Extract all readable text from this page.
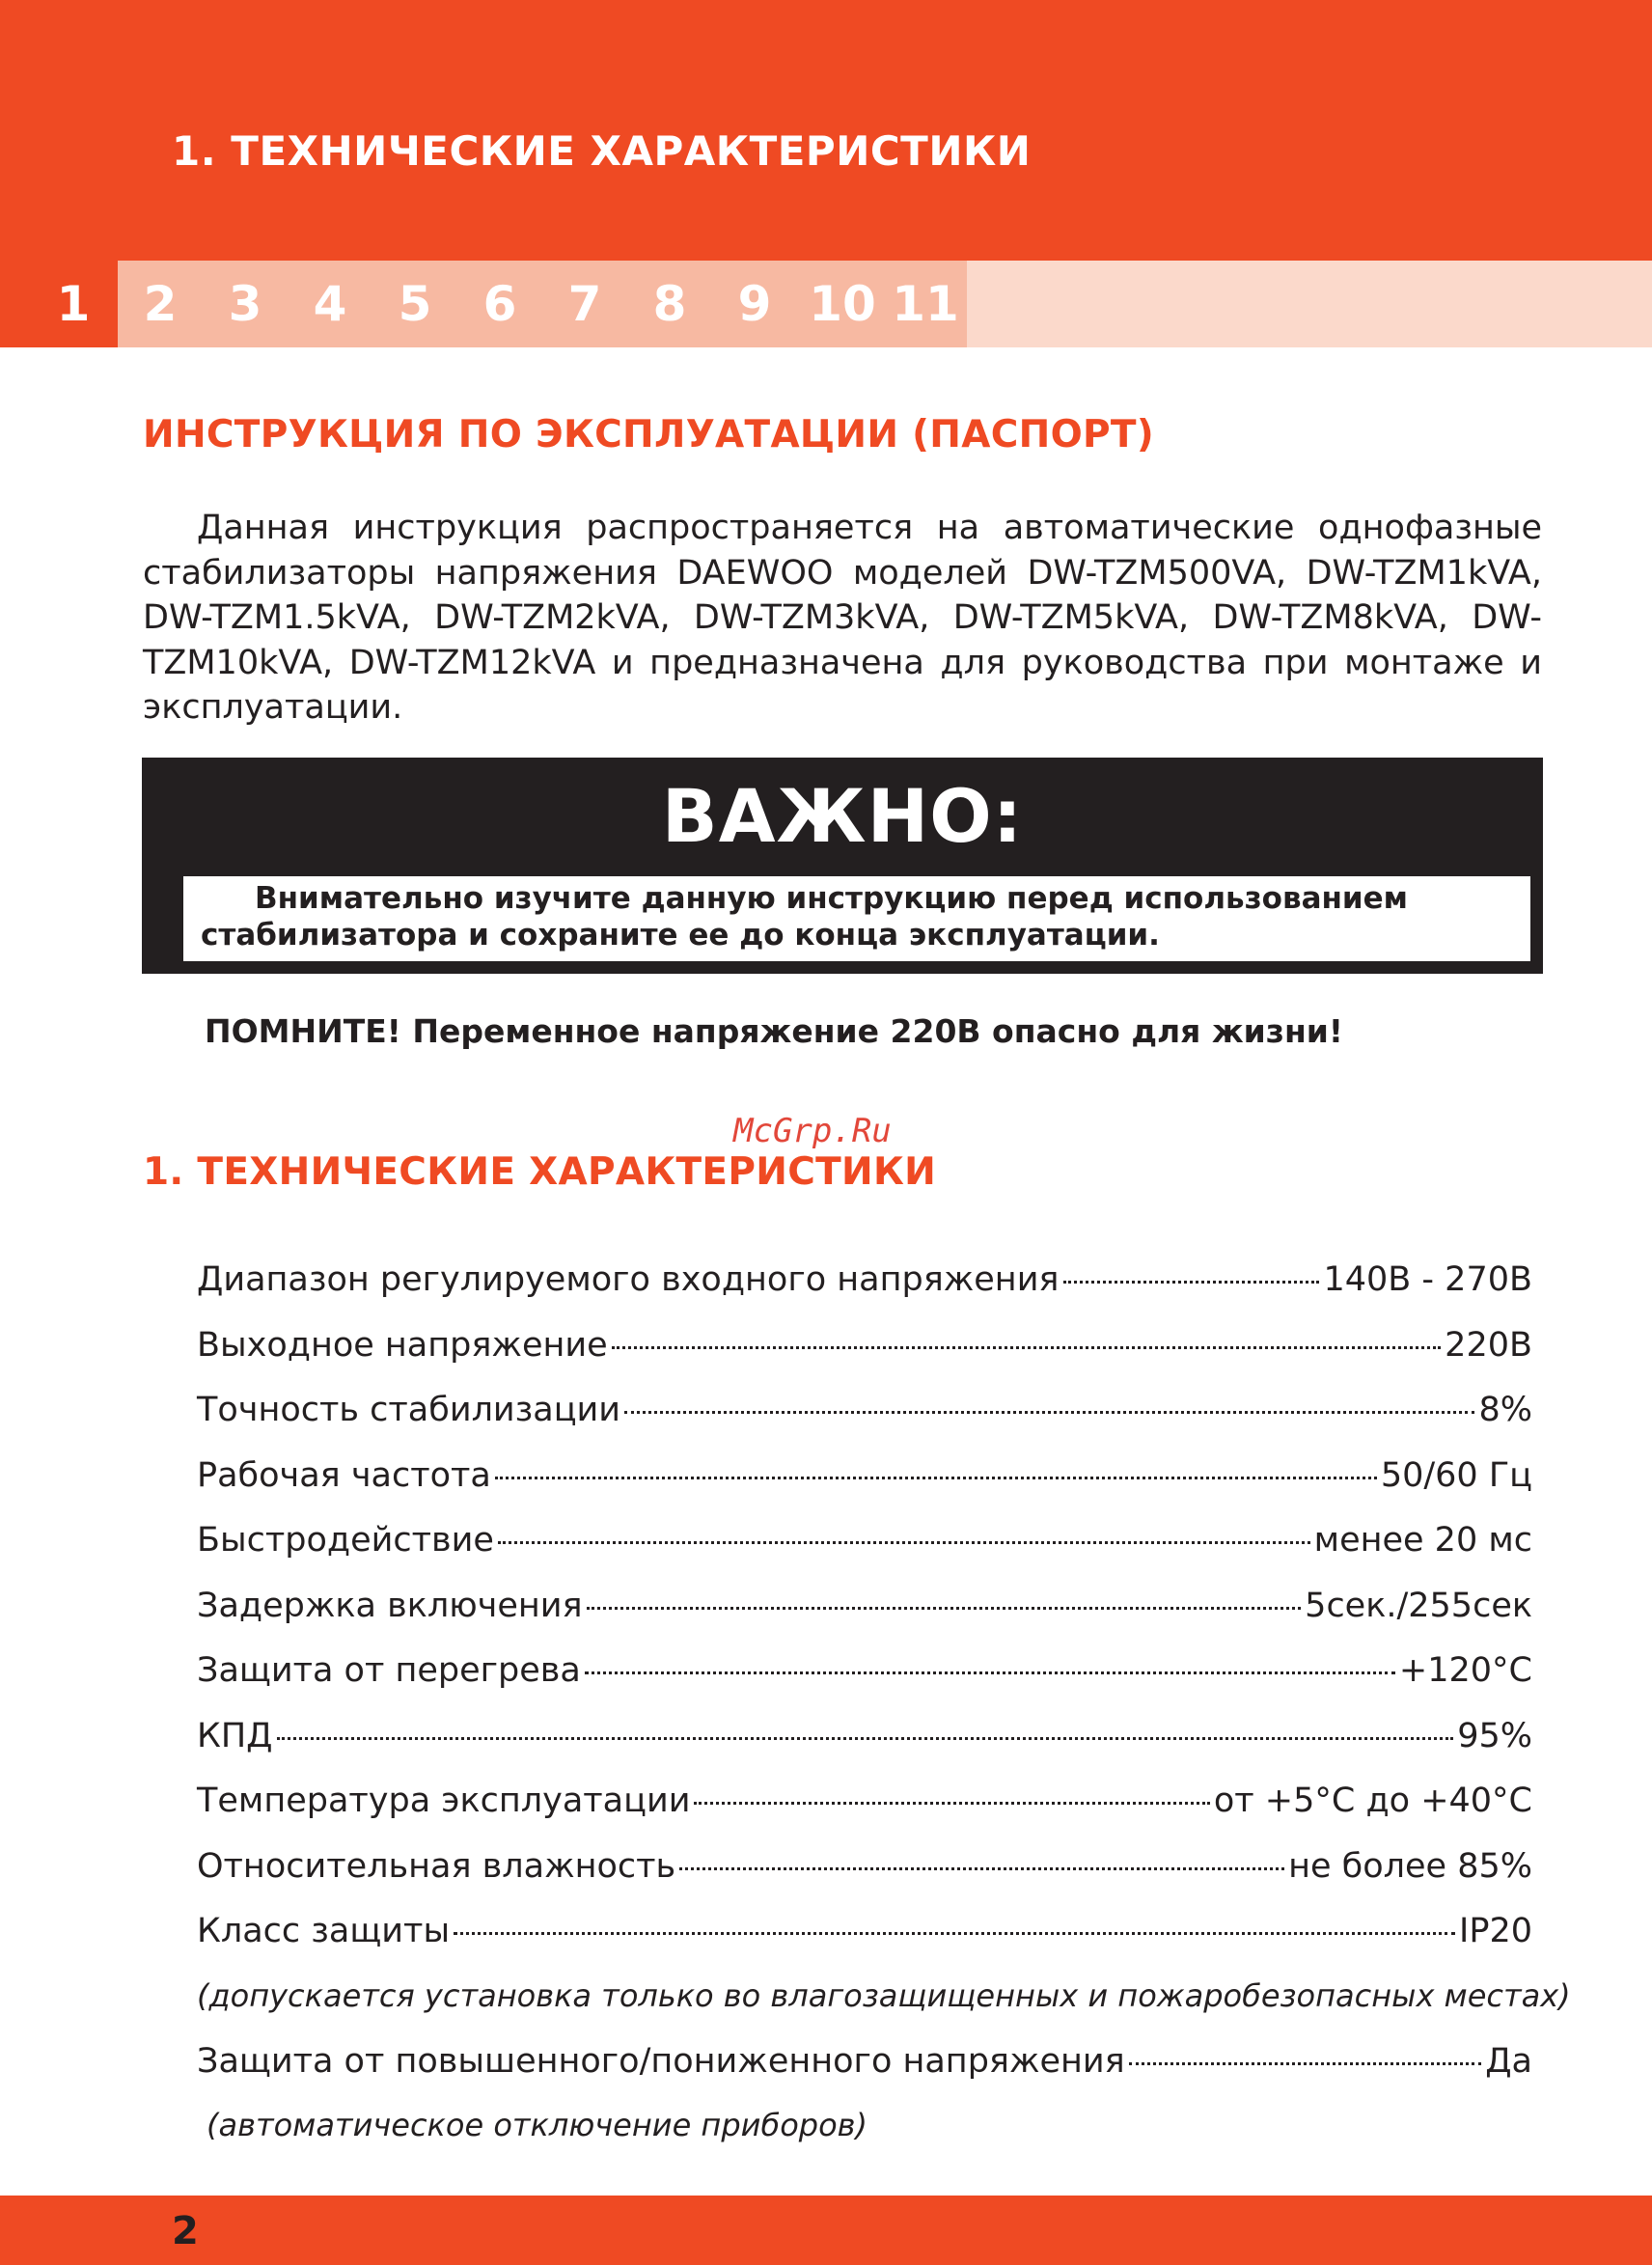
1. ТЕХНИЧЕСКИЕ ХАРАКТЕРИСТИКИ
1 2 3 4 5 6 7 8 9 10 11
ИНСТРУКЦИЯ ПО ЭКСПЛУАТАЦИИ (ПАСПОРТ)

Данная инструкция распространяется на автоматические однофазные стабилизаторы напряжения DAEWOO моделей DW-TZM500VA, DW-TZM1kVA, DW-TZM1.5kVA, DW-TZM2kVA, DW-TZM3kVA, DW-TZM5kVA, DW-TZM8kVA, DW-TZM10kVA, DW-TZM12kVA и предназначена для руководства при монтаже и эксплуатации.

ВАЖНО:
Внимательно изучите данную инструкцию перед использованием стабилизатора и сохраните ее до конца эксплуатации.
ПОМНИТЕ! Переменное напряжение 220В опасно для жизни!
McGrp.Ru
1. ТЕХНИЧЕСКИЕ ХАРАКТЕРИСТИКИ
Диапазон регулируемого входного напряжения	140В - 270В
Выходное напряжение	220В
Точность стабилизации	8%
Рабочая частота	50/60 Гц
Быстродействие	менее 20 мс
Задержка включения	5сек./255сек
Защита от перегрева	+120°С
КПД	95%
Температура эксплуатации	от +5°С до +40°С
Относительная влажность	не более 85%
Класс защиты	IP20
(допускается установка только во влагозащищенных и пожаробезопасных местах)
Защита от повышенного/пониженного напряжения	Да
(автоматическое отключение приборов)
2
